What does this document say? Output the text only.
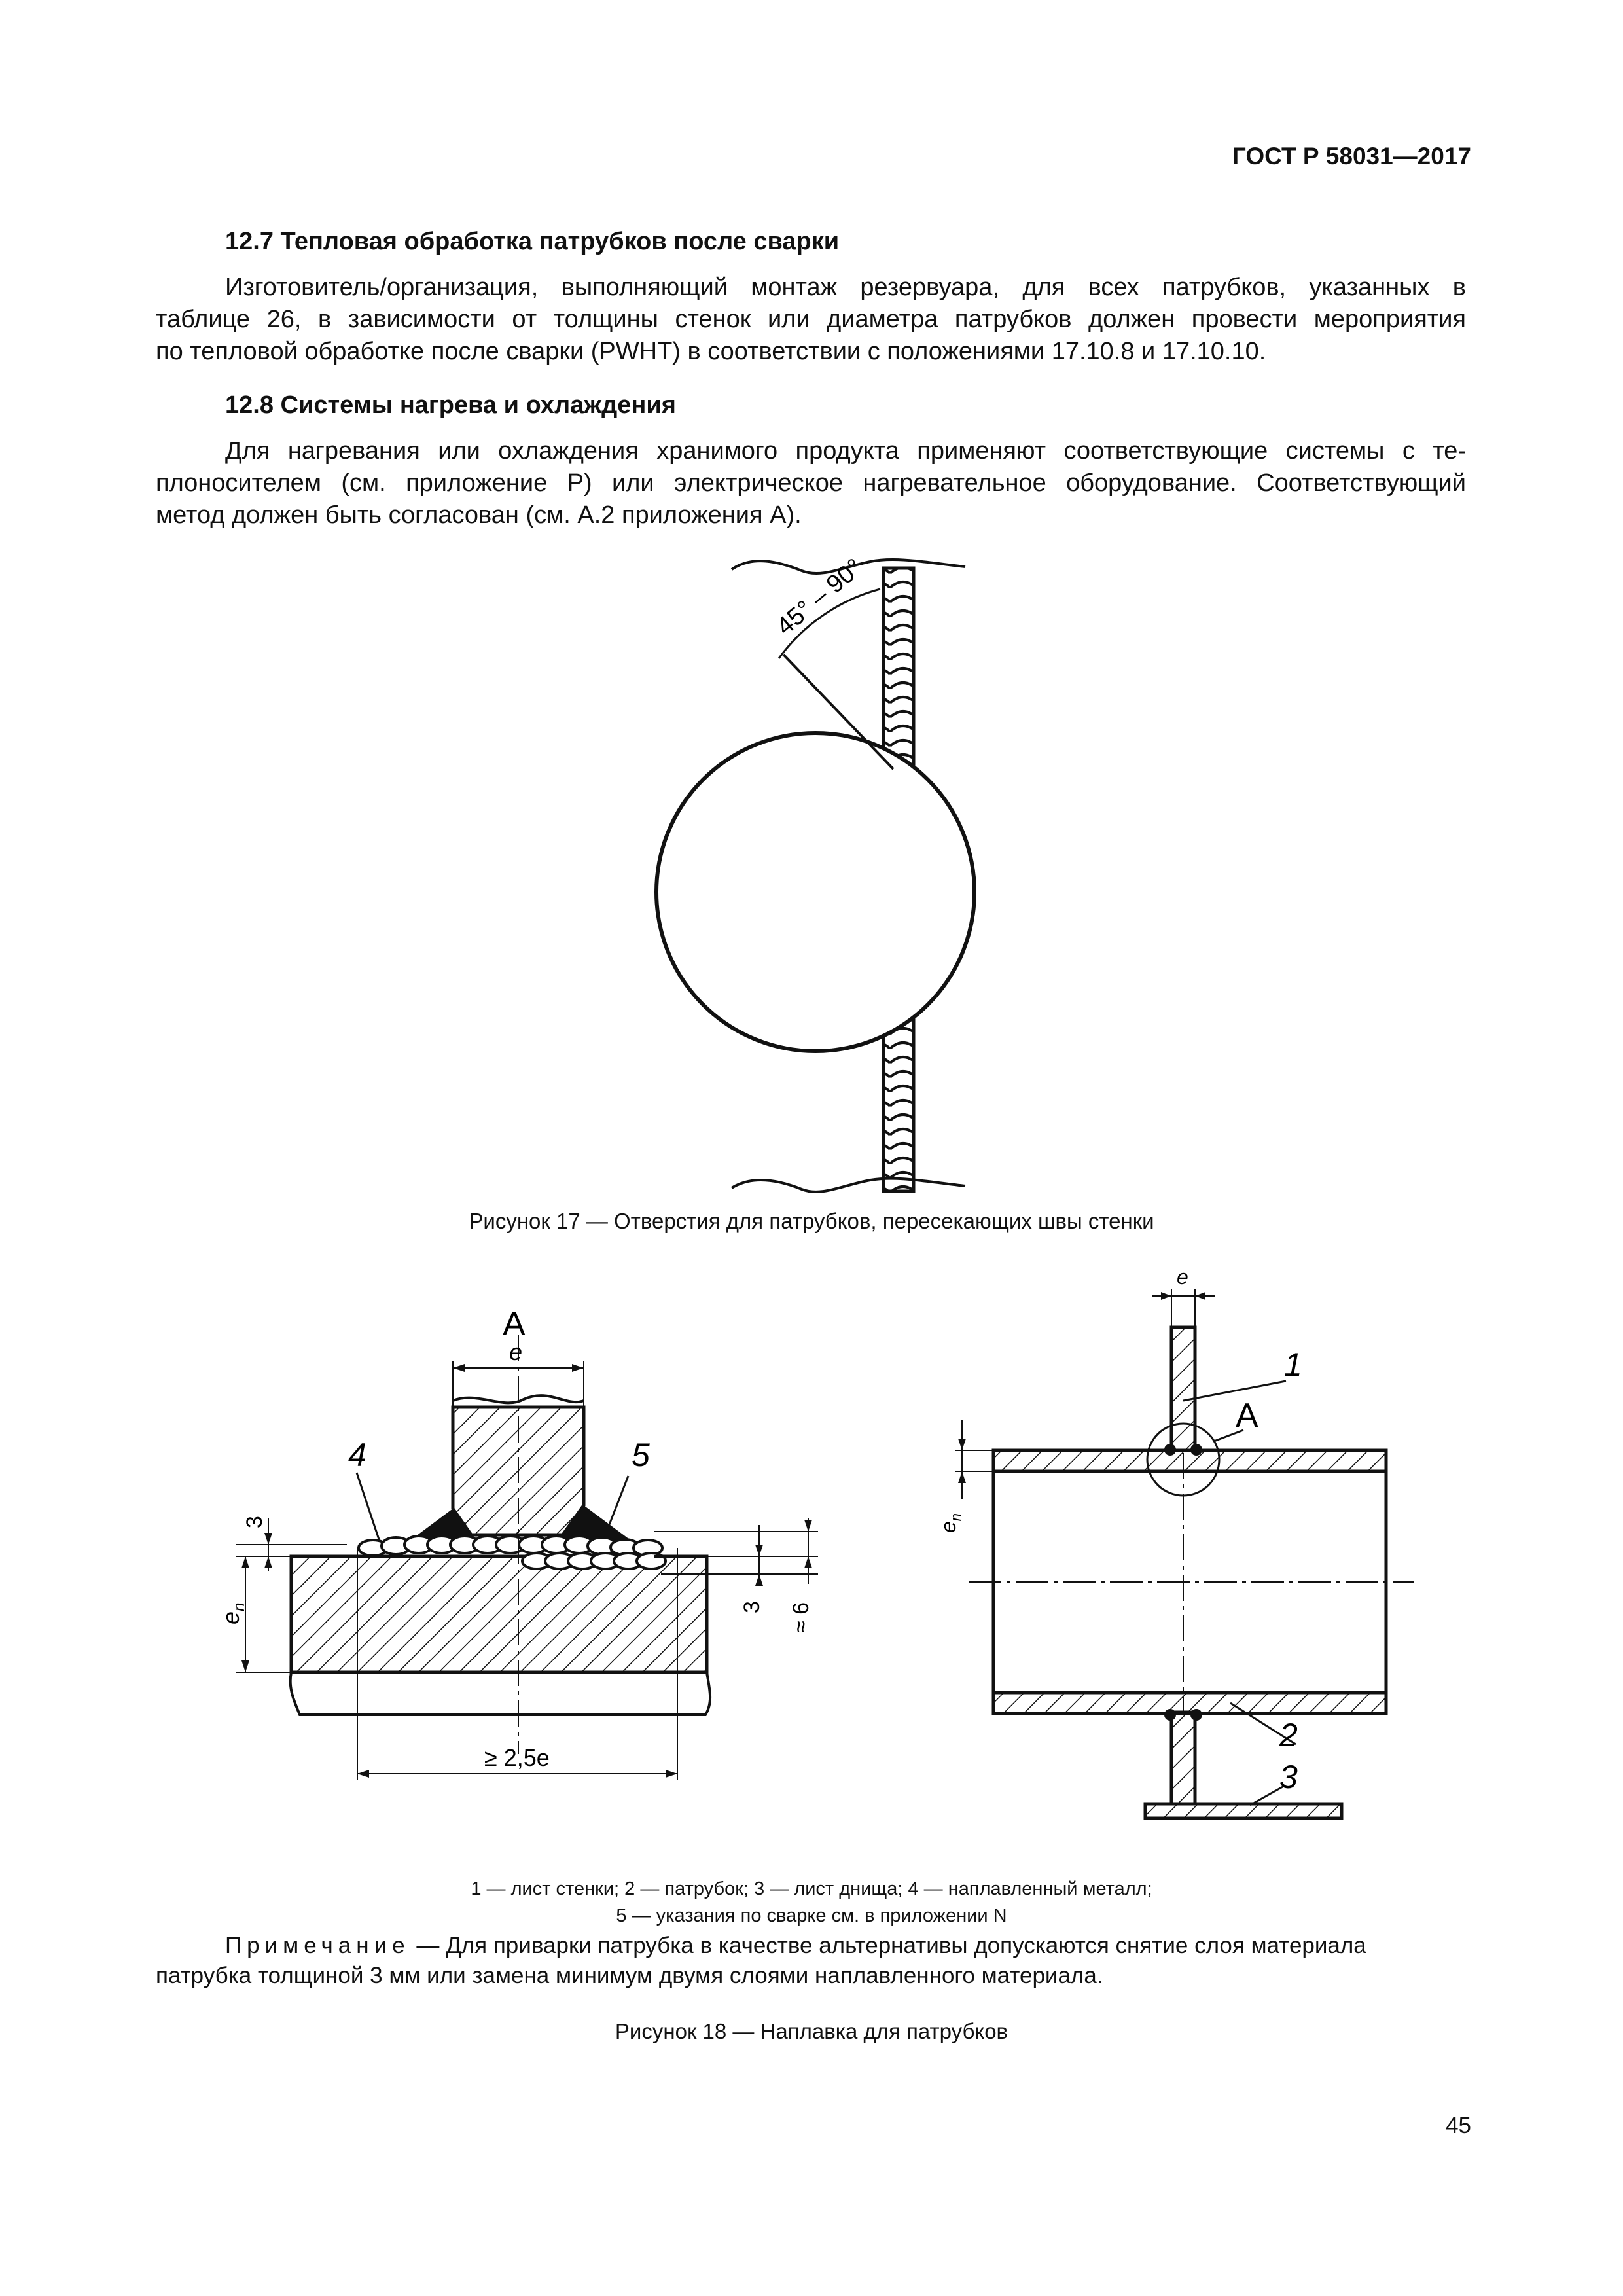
ГОСТ Р 58031—2017
12.7 Тепловая обработка патрубков после сварки
Изготовитель/организация, выполняющий монтаж резервуара, для всех патрубков, указанных в
таблице 26, в зависимости от толщины стенок или диаметра патрубков должен провести мероприятия
по тепловой обработке после сварки (PWHT) в соответствии с положениями 17.10.8 и 17.10.10.
12.8 Системы нагрева и охлаждения
Для нагревания или охлаждения хранимого продукта применяют соответствующие системы с те-
плоносителем (см. приложение Р) или электрическое нагревательное оборудование. Соответствующий
метод должен быть согласован (см. А.2 приложения А).
45° – 90°
Рисунок 17 — Отверстия для патрубков, пересекающих швы стенки
е
А
4	5
3
$е_n$	3 ≈ 6
≥ 2,5е
А
е
1
$е_n$
2
3
1 — лист стенки; 2 — патрубок; 3 — лист днища; 4 — наплавленный металл;
5 — указания по сварке см. в приложении N
Примечание — Для приварки патрубка в качестве альтернативы допускаются снятие слоя материала
патрубка толщиной 3 мм или замена минимум двумя слоями наплавленного материала.
Рисунок 18 — Наплавка для патрубков
45
